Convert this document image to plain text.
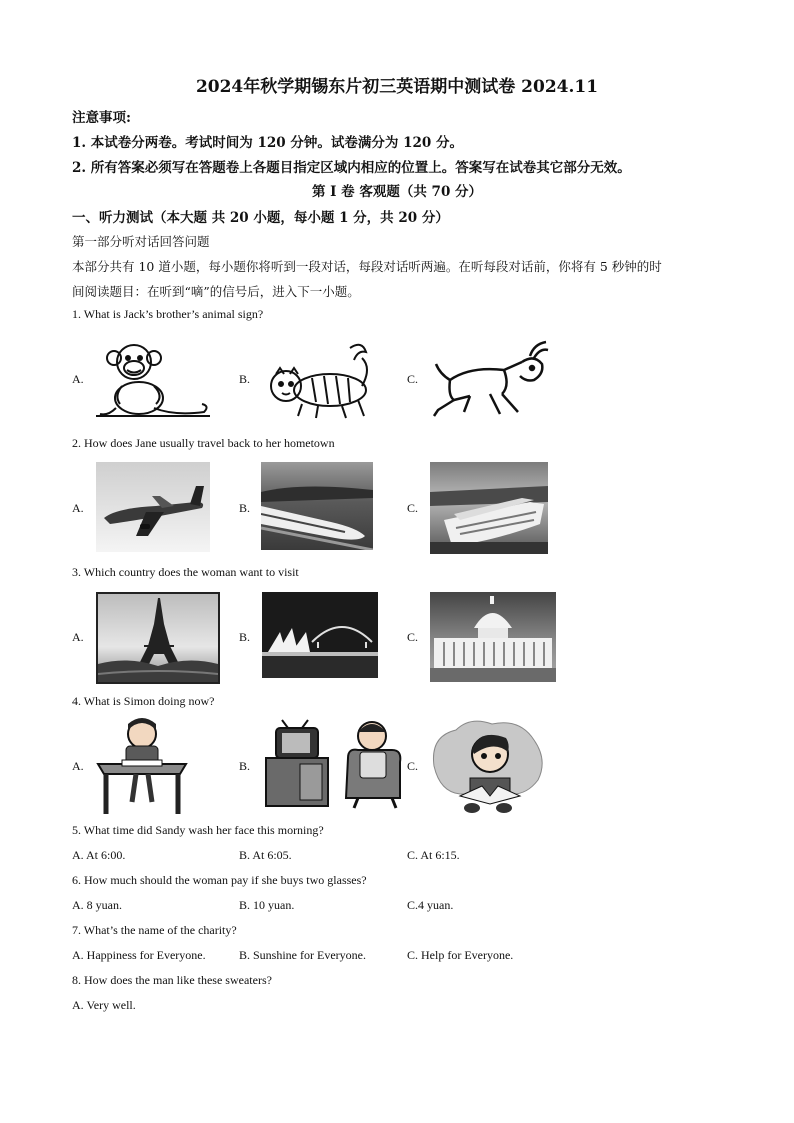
2024年秋学期锡东片初三英语期中测试卷 2024.11
注意事项:
1. 本试卷分两卷。考试时间为 120 分钟。试卷满分为 120 分。
2. 所有答案必须写在答题卷上各题目指定区域内相应的位置上。答案写在试卷其它部分无效。
第 I 卷 客观题（共 70 分）
一、听力测试（本大题 共 20 小题，每小题 1 分，共 20 分）
第一部分听对话回答问题
本部分共有 10 道小题，每小题你将听到一段对话，每段对话听两遍。在听每段对话前，你将有 5 秒钟的时
间阅读题目：在听到“嘀”的信号后，进入下一小题。
1. What is Jack’s brother’s animal sign?
A.	B.	C.
2. How does Jane usually travel back to her hometown
A.	B.	C.
3. Which country does the woman want to visit
A.	B.	C.
4. What is Simon doing now?
A.	B.	C.
5. What time did Sandy wash her face this morning?
A. At 6:00.	B. At 6:05.	C. At 6:15.
6. How much should the woman pay if she buys two glasses?
A. 8 yuan.	B. 10 yuan.	C.4 yuan.
7. What’s the name of the charity?
A. Happiness for Everyone.	B. Sunshine for Everyone.	C. Help for Everyone.
8. How does the man like these sweaters?
A. Very well.
